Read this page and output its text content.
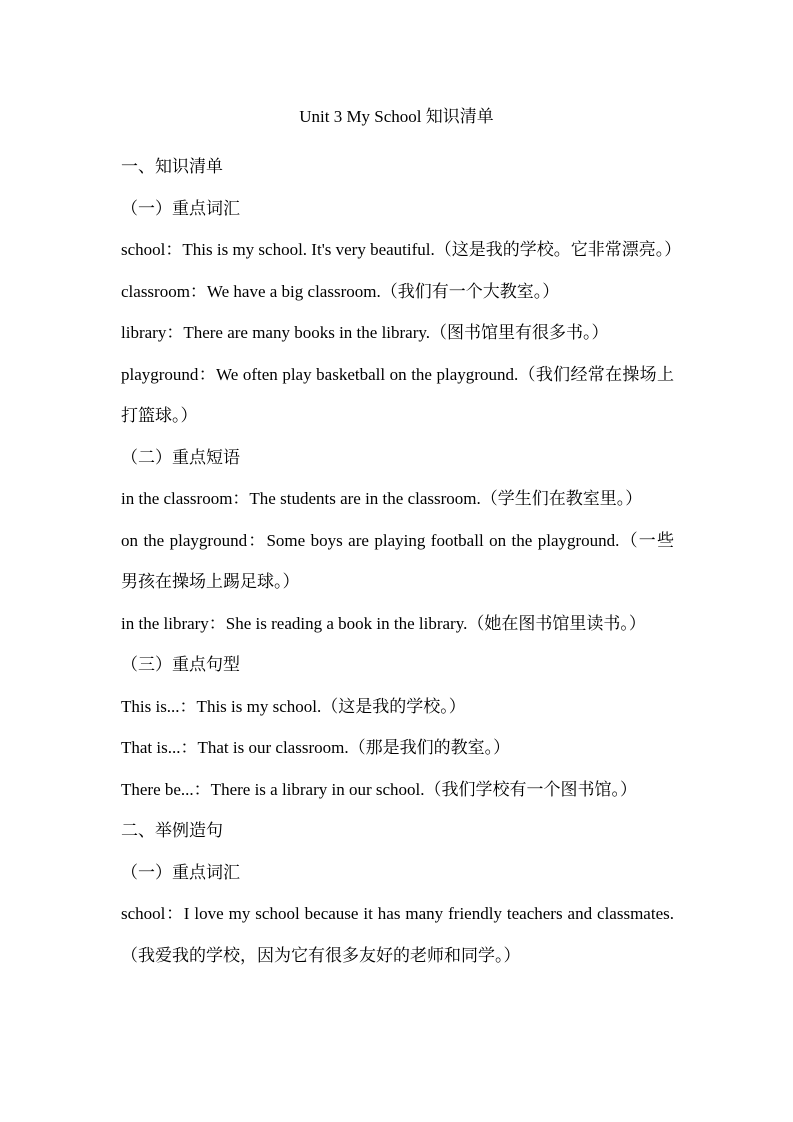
Unit 3 My School 知识清单

一、知识清单

（一）重点词汇

school：This is my school. It's very beautiful.（这是我的学校。它非常漂亮。）

classroom：We have a big classroom.（我们有一个大教室。）

library：There are many books in the library.（图书馆里有很多书。）

playground：We often play basketball on the playground.（我们经常在操场上打篮球。）

（二）重点短语

in the classroom：The students are in the classroom.（学生们在教室里。）

on the playground：Some boys are playing football on the playground.（一些男孩在操场上踢足球。）

in the library：She is reading a book in the library.（她在图书馆里读书。）

（三）重点句型

This is...：This is my school.（这是我的学校。）

That is...：That is our classroom.（那是我们的教室。）

There be...：There is a library in our school.（我们学校有一个图书馆。）

二、举例造句

（一）重点词汇

school：I love my school because it has many friendly teachers and classmates.（我爱我的学校，因为它有很多友好的老师和同学。）
